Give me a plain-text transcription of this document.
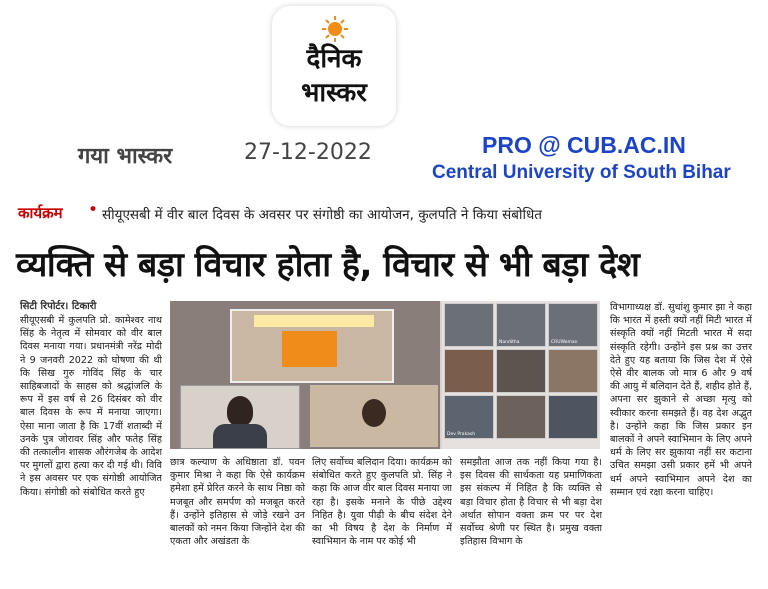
दैनिक
भास्कर
गया भास्कर	27-12-2022	PRO @ CUB.AC.IN
Central University of South Bihar
कार्यक्रम • सीयूएसबी में वीर बाल दिवस के अवसर पर संगोष्ठी का आयोजन, कुलपति ने किया संबोधित
व्यक्ति से बड़ा विचार होता है, विचार से भी बड़ा देश
सिटी रिपोर्टर। टिकारी
सीयूएसबी में कुलपति प्रो. कामेश्वर नाथ सिंह के नेतृत्व में सोमवार को वीर बाल दिवस मनाया गया। प्रधानमंत्री नरेंद्र मोदी ने 9 जनवरी 2022 को घोषणा की थी कि सिख गुरु गोविंद सिंह के चार साहिबजादों के साहस को श्रद्धांजलि के रूप में इस वर्ष से 26 दिसंबर को वीर बाल दिवस के रूप में मनाया जाएगा। ऐसा माना जाता है कि 17वीं शताब्दी में उनके पुत्र जोरावर सिंह और फतेह सिंह की तत्कालीन शासक औरंगजेब के आदेश पर मुगलों द्वारा हत्या कर दी गई थी। विवि ने इस अवसर पर एक संगोष्ठी आयोजित किया। संगोष्ठी को संबोधित करते हुए
Nanditha	CRUWoman
Dev Prakash
विभागाध्यक्ष डॉ. सुधांशु कुमार झा ने कहा कि भारत में हस्ती क्यों नहीं मिटी भारत में संस्कृति क्यों नहीं मिटती भारत में सदा संस्कृति रहेगी। उन्होंने इस प्रश्न का उत्तर देते हुए यह बताया कि जिस देश में ऐसे ऐसे वीर बालक जो मात्र 6 और 9 वर्ष की आयु में बलिदान देते हैं, शहीद होते हैं, अपना सर झुकाने से अच्छा मृत्यु को स्वीकार करना समझते हैं। वह देश अद्भुत है। उन्होंने कहा कि जिस प्रकार इन बालकों ने अपने स्वाभिमान के लिए अपने धर्म के लिए सर झुकाया नहीं सर कटाना उचित समझा उसी प्रकार हमें भी अपने धर्म अपने स्वाभिमान अपने देश का सम्मान एवं रक्षा करना चाहिए।
छात्र कल्याण के अधिष्ठाता डॉ. पवन कुमार मिश्रा ने कहा कि ऐसे कार्यक्रम हमेशा हमें प्रेरित करने के साथ निष्ठा को मजबूत और समर्पण को मजबूत करते हैं। उन्होंने इतिहास से जोड़े रखने उन बालकों को नमन किया जिन्होंने देश की एकता और अखंडता के
लिए सर्वोच्च बलिदान दिया। कार्यक्रम को संबोधित करते हुए कुलपति प्रो. सिंह ने कहा कि आज वीर बाल दिवस मनाया जा रहा है। इसके मनाने के पीछे उद्देश्य निहित है। युवा पीढ़ी के बीच संदेश देने का भी विषय है देश के निर्माण में स्वाभिमान के नाम पर कोई भी
समझौता आज तक नहीं किया गया है। इस दिवस की सार्थकता यह प्रमाणिकता इस संकल्प में निहित है कि व्यक्ति से बड़ा विचार होता है विचार से भी बड़ा देश अर्थात सोपान वक्ता क्रम पर पर देश सर्वोच्च श्रेणी पर स्थित है। प्रमुख वक्ता इतिहास विभाग के
